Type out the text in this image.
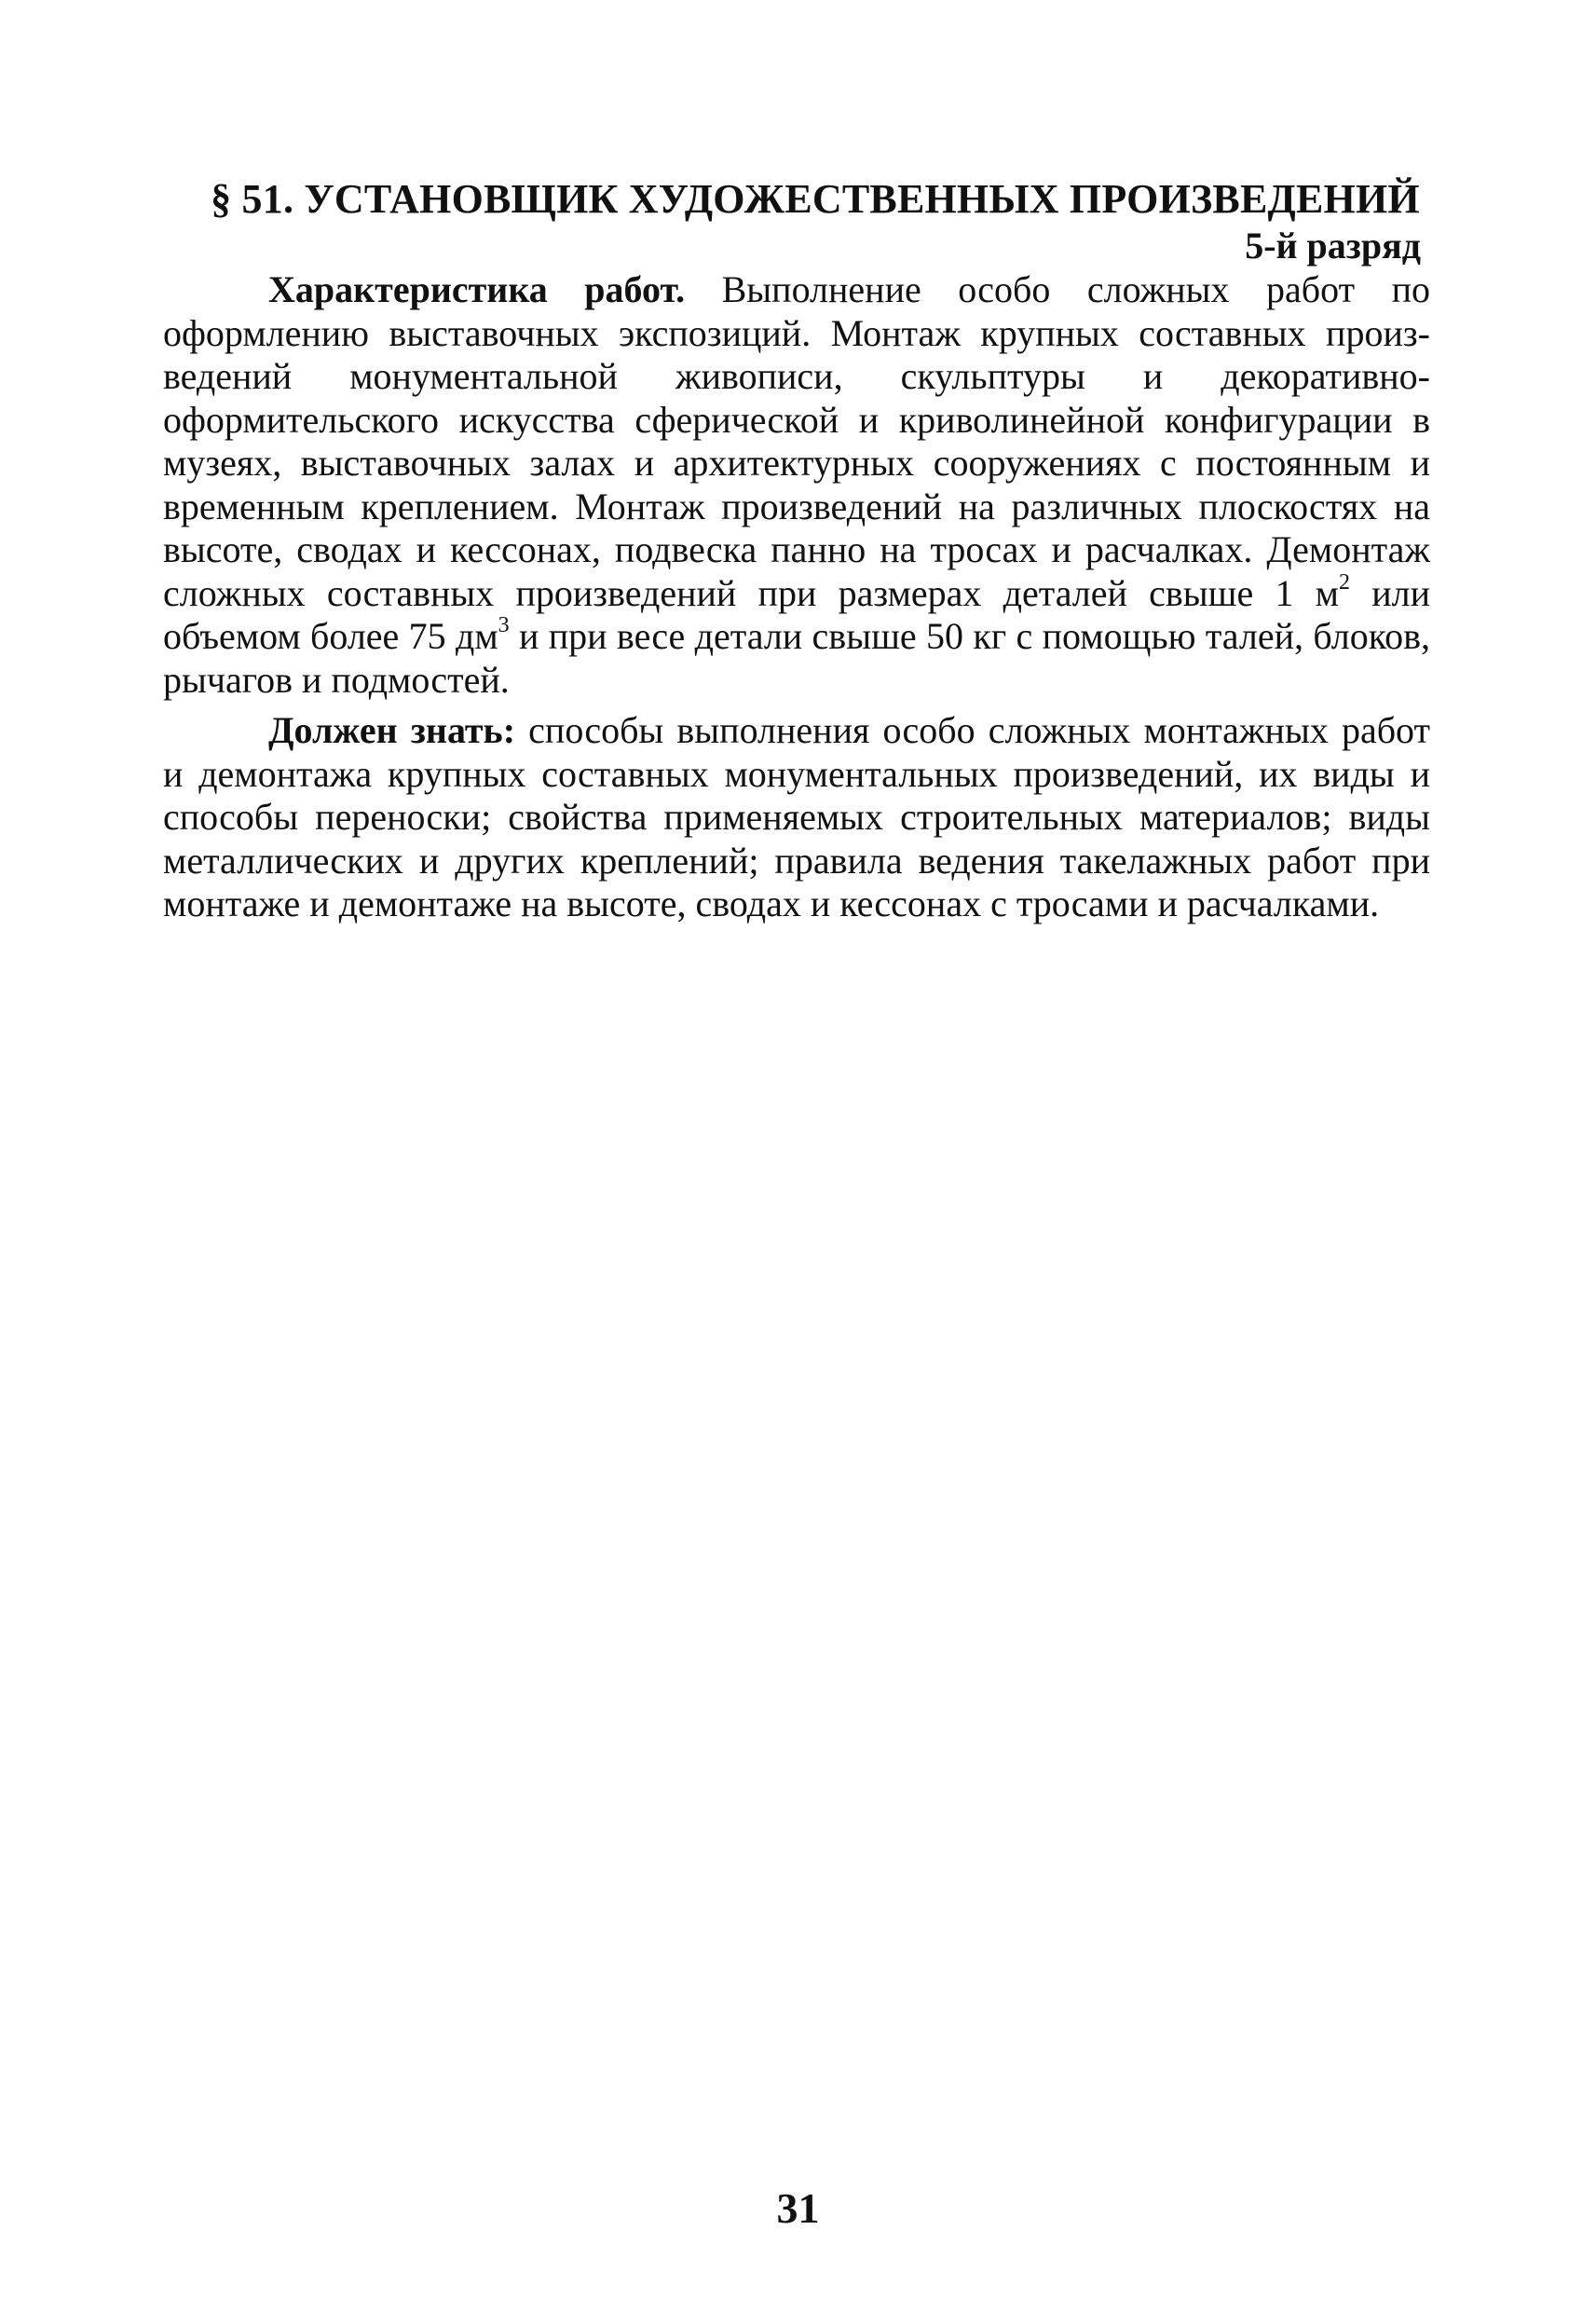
§ 51. УСТАНОВЩИК ХУДОЖЕСТВЕННЫХ ПРОИЗВЕДЕНИЙ

5-й разряд

Характеристика работ. Выполнение особо сложных работ по оформлению выставочных экспозиций. Монтаж крупных составных произведений монументальной живописи, скульптуры и декоративно-оформительского искусства сферической и криволинейной конфигурации в музеях, выставочных залах и архитектурных сооружениях с постоянным и временным креплением. Монтаж произведений на различных плоскостях на высоте, сводах и кессонах, подвеска панно на тросах и расчалках. Демонтаж сложных составных произведений при размерах деталей свыше 1 $м^2$ или объемом более 75 $дм^3$ и при весе детали свыше 50 кг с помощью талей, блоков, рычагов и подмостей.

Должен знать: способы выполнения особо сложных монтажных работ и демонтажа крупных составных монументальных произведений, их виды и способы переноски; свойства применяемых строительных материалов; виды металлических и других креплений; правила ведения такелажных работ при монтаже и демонтаже на высоте, сводах и кессонах с тросами и расчалками.

31
